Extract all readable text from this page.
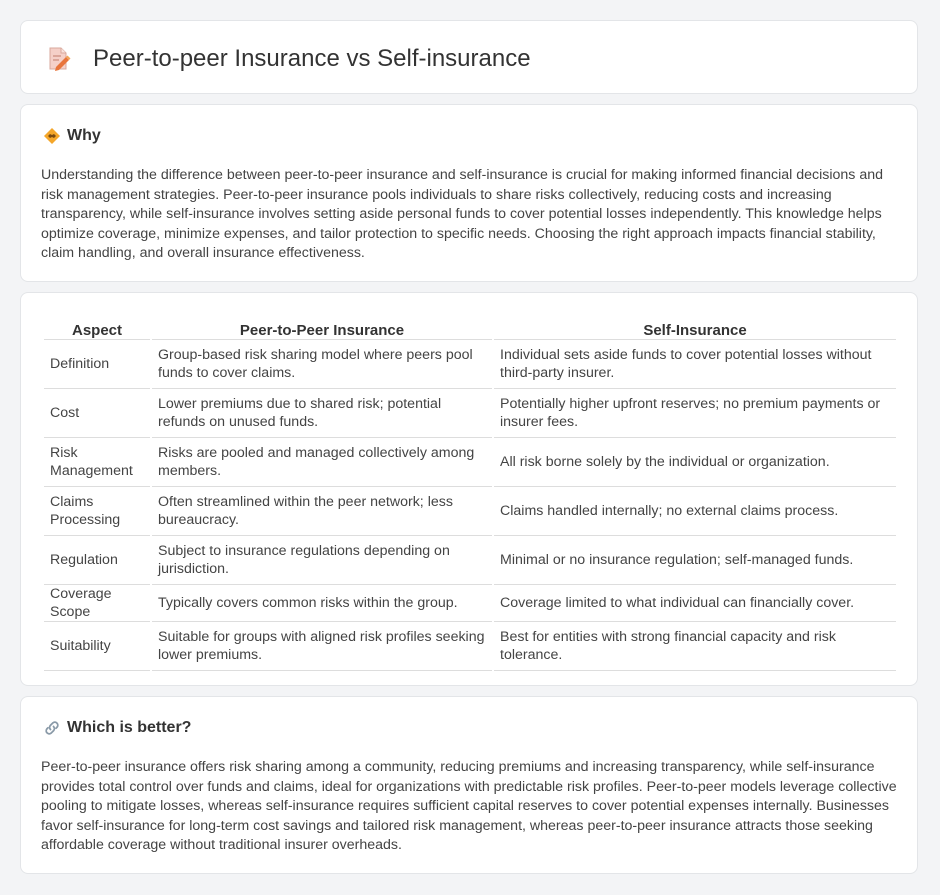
Peer-to-peer Insurance vs Self-insurance
Why

Understanding the difference between peer-to-peer insurance and self-insurance is crucial for making informed financial decisions and risk management strategies. Peer-to-peer insurance pools individuals to share risks collectively, reducing costs and increasing transparency, while self-insurance involves setting aside personal funds to cover potential losses independently. This knowledge helps optimize coverage, minimize expenses, and tailor protection to specific needs. Choosing the right approach impacts financial stability, claim handling, and overall insurance effectiveness.

Aspect	Peer-to-Peer Insurance	Self-Insurance
Definition	Group-based risk sharing model where peers pool funds to cover claims.	Individual sets aside funds to cover potential losses without third-party insurer.
Cost	Lower premiums due to shared risk; potential refunds on unused funds.	Potentially higher upfront reserves; no premium payments or insurer fees.
Risk Management	Risks are pooled and managed collectively among members.	All risk borne solely by the individual or organization.
Claims Processing	Often streamlined within the peer network; less bureaucracy.	Claims handled internally; no external claims process.
Regulation	Subject to insurance regulations depending on jurisdiction.	Minimal or no insurance regulation; self-managed funds.
Coverage Scope	Typically covers common risks within the group.	Coverage limited to what individual can financially cover.
Suitability	Suitable for groups with aligned risk profiles seeking lower premiums.	Best for entities with strong financial capacity and risk tolerance.
Which is better?

Peer-to-peer insurance offers risk sharing among a community, reducing premiums and increasing transparency, while self-insurance provides total control over funds and claims, ideal for organizations with predictable risk profiles. Peer-to-peer models leverage collective pooling to mitigate losses, whereas self-insurance requires sufficient capital reserves to cover potential expenses internally. Businesses favor self-insurance for long-term cost savings and tailored risk management, whereas peer-to-peer insurance attracts those seeking affordable coverage without traditional insurer overheads.
